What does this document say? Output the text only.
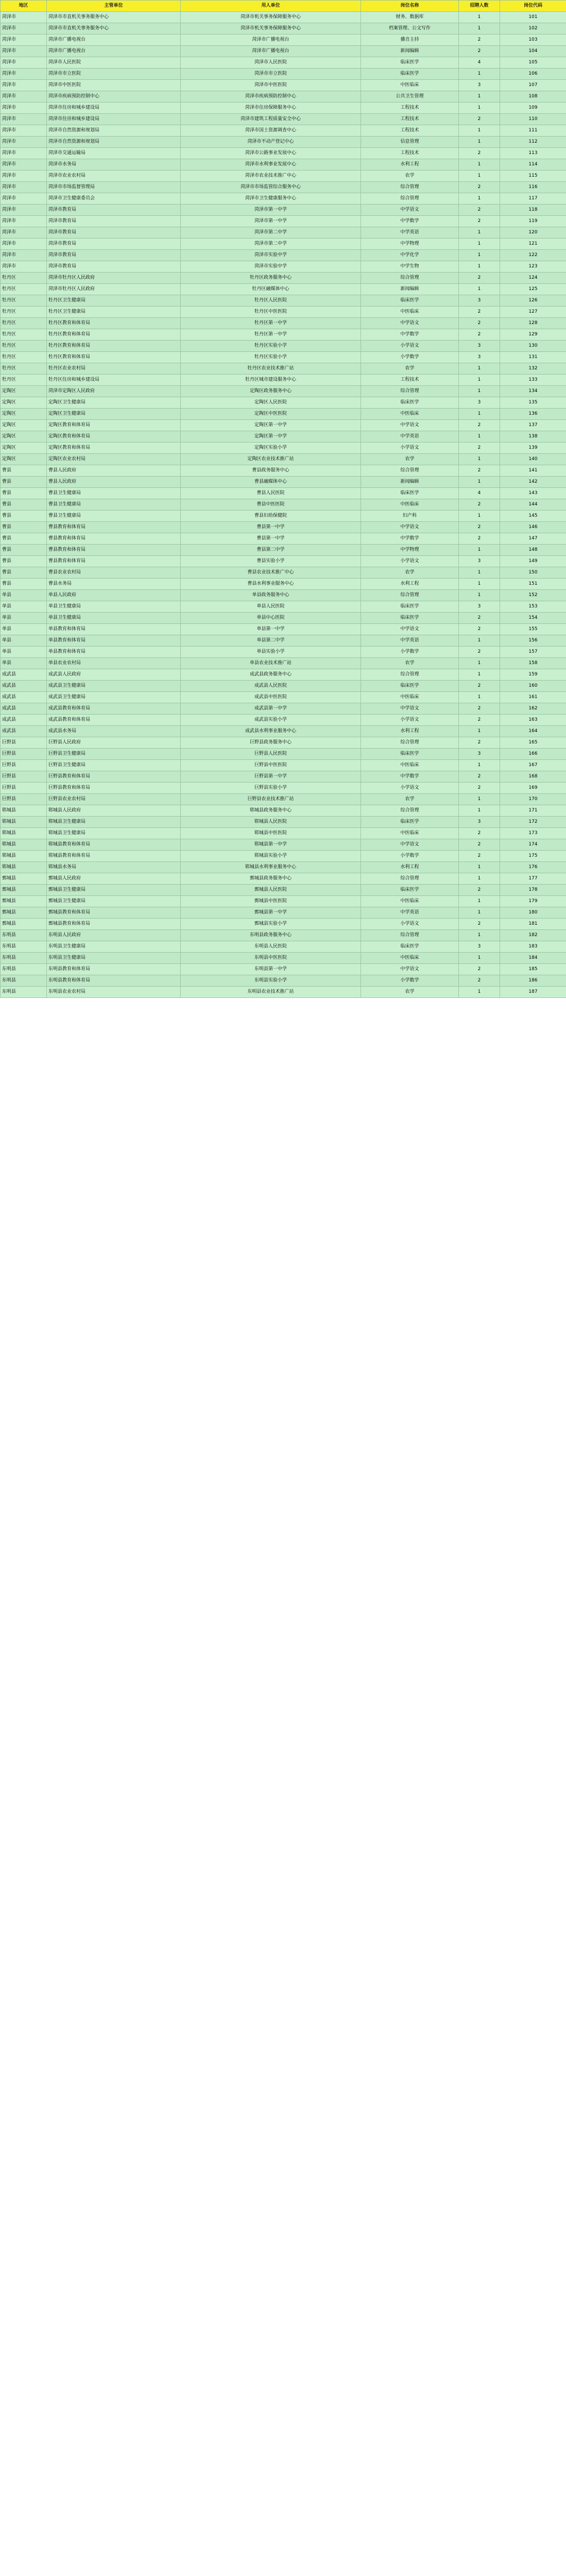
地区	主管单位	用人单位	岗位名称	招聘人数	岗位代码
菏泽市	菏泽市市直机关事务服务中心	菏泽市机关事务保障服务中心	财务、数据库	1	101
菏泽市	菏泽市市直机关事务服务中心	菏泽市机关事务保障服务中心	档案管理、公文写作	1	102
菏泽市	菏泽市广播电视台	菏泽市广播电视台	播音主持	2	103
菏泽市	菏泽市广播电视台	菏泽市广播电视台	新闻编辑	2	104
菏泽市	菏泽市人民医院	菏泽市人民医院	临床医学	4	105
菏泽市	菏泽市市立医院	菏泽市市立医院	临床医学	1	106
菏泽市	菏泽市中医医院	菏泽市中医医院	中医临床	3	107
菏泽市	菏泽市疾病预防控制中心	菏泽市疾病预防控制中心	公共卫生管理	1	108
菏泽市	菏泽市住房和城乡建设局	菏泽市住房保障服务中心	工程技术	1	109
菏泽市	菏泽市住房和城乡建设局	菏泽市建筑工程质量安全中心	工程技术	2	110
菏泽市	菏泽市自然资源和规划局	菏泽市国土资源调查中心	工程技术	1	111
菏泽市	菏泽市自然资源和规划局	菏泽市不动产登记中心	信息管理	1	112
菏泽市	菏泽市交通运输局	菏泽市公路事业发展中心	工程技术	2	113
菏泽市	菏泽市水务局	菏泽市水利事业发展中心	水利工程	1	114
菏泽市	菏泽市农业农村局	菏泽市农业技术推广中心	农学	1	115
菏泽市	菏泽市市场监督管理局	菏泽市市场监管综合服务中心	综合管理	2	116
菏泽市	菏泽市卫生健康委员会	菏泽市卫生健康服务中心	综合管理	1	117
菏泽市	菏泽市教育局	菏泽市第一中学	中学语文	2	118
菏泽市	菏泽市教育局	菏泽市第一中学	中学数学	2	119
菏泽市	菏泽市教育局	菏泽市第二中学	中学英语	1	120
菏泽市	菏泽市教育局	菏泽市第二中学	中学物理	1	121
菏泽市	菏泽市教育局	菏泽市实验中学	中学化学	1	122
菏泽市	菏泽市教育局	菏泽市实验中学	中学生物	1	123
牡丹区	菏泽市牡丹区人民政府	牡丹区政务服务中心	综合管理	2	124
牡丹区	菏泽市牡丹区人民政府	牡丹区融媒体中心	新闻编辑	1	125
牡丹区	牡丹区卫生健康局	牡丹区人民医院	临床医学	3	126
牡丹区	牡丹区卫生健康局	牡丹区中医医院	中医临床	2	127
牡丹区	牡丹区教育和体育局	牡丹区第一中学	中学语文	2	128
牡丹区	牡丹区教育和体育局	牡丹区第一中学	中学数学	2	129
牡丹区	牡丹区教育和体育局	牡丹区实验小学	小学语文	3	130
牡丹区	牡丹区教育和体育局	牡丹区实验小学	小学数学	3	131
牡丹区	牡丹区农业农村局	牡丹区农业技术推广站	农学	1	132
牡丹区	牡丹区住房和城乡建设局	牡丹区城市建设服务中心	工程技术	1	133
定陶区	菏泽市定陶区人民政府	定陶区政务服务中心	综合管理	1	134
定陶区	定陶区卫生健康局	定陶区人民医院	临床医学	3	135
定陶区	定陶区卫生健康局	定陶区中医医院	中医临床	1	136
定陶区	定陶区教育和体育局	定陶区第一中学	中学语文	2	137
定陶区	定陶区教育和体育局	定陶区第一中学	中学英语	1	138
定陶区	定陶区教育和体育局	定陶区实验小学	小学语文	2	139
定陶区	定陶区农业农村局	定陶区农业技术推广站	农学	1	140
曹县	曹县人民政府	曹县政务服务中心	综合管理	2	141
曹县	曹县人民政府	曹县融媒体中心	新闻编辑	1	142
曹县	曹县卫生健康局	曹县人民医院	临床医学	4	143
曹县	曹县卫生健康局	曹县中医医院	中医临床	2	144
曹县	曹县卫生健康局	曹县妇幼保健院	妇产科	1	145
曹县	曹县教育和体育局	曹县第一中学	中学语文	2	146
曹县	曹县教育和体育局	曹县第一中学	中学数学	2	147
曹县	曹县教育和体育局	曹县第二中学	中学物理	1	148
曹县	曹县教育和体育局	曹县实验小学	小学语文	3	149
曹县	曹县农业农村局	曹县农业技术推广中心	农学	1	150
曹县	曹县水务局	曹县水利事业服务中心	水利工程	1	151
单县	单县人民政府	单县政务服务中心	综合管理	1	152
单县	单县卫生健康局	单县人民医院	临床医学	3	153
单县	单县卫生健康局	单县中心医院	临床医学	2	154
单县	单县教育和体育局	单县第一中学	中学语文	2	155
单县	单县教育和体育局	单县第二中学	中学英语	1	156
单县	单县教育和体育局	单县实验小学	小学数学	2	157
单县	单县农业农村局	单县农业技术推广站	农学	1	158
成武县	成武县人民政府	成武县政务服务中心	综合管理	1	159
成武县	成武县卫生健康局	成武县人民医院	临床医学	2	160
成武县	成武县卫生健康局	成武县中医医院	中医临床	1	161
成武县	成武县教育和体育局	成武县第一中学	中学语文	2	162
成武县	成武县教育和体育局	成武县实验小学	小学语文	2	163
成武县	成武县水务局	成武县水利事业服务中心	水利工程	1	164
巨野县	巨野县人民政府	巨野县政务服务中心	综合管理	2	165
巨野县	巨野县卫生健康局	巨野县人民医院	临床医学	3	166
巨野县	巨野县卫生健康局	巨野县中医医院	中医临床	1	167
巨野县	巨野县教育和体育局	巨野县第一中学	中学数学	2	168
巨野县	巨野县教育和体育局	巨野县实验小学	小学语文	2	169
巨野县	巨野县农业农村局	巨野县农业技术推广站	农学	1	170
郓城县	郓城县人民政府	郓城县政务服务中心	综合管理	1	171
郓城县	郓城县卫生健康局	郓城县人民医院	临床医学	3	172
郓城县	郓城县卫生健康局	郓城县中医医院	中医临床	2	173
郓城县	郓城县教育和体育局	郓城县第一中学	中学语文	2	174
郓城县	郓城县教育和体育局	郓城县实验小学	小学数学	2	175
郓城县	郓城县水务局	郓城县水利事业服务中心	水利工程	1	176
鄄城县	鄄城县人民政府	鄄城县政务服务中心	综合管理	1	177
鄄城县	鄄城县卫生健康局	鄄城县人民医院	临床医学	2	178
鄄城县	鄄城县卫生健康局	鄄城县中医医院	中医临床	1	179
鄄城县	鄄城县教育和体育局	鄄城县第一中学	中学英语	1	180
鄄城县	鄄城县教育和体育局	鄄城县实验小学	小学语文	2	181
东明县	东明县人民政府	东明县政务服务中心	综合管理	1	182
东明县	东明县卫生健康局	东明县人民医院	临床医学	3	183
东明县	东明县卫生健康局	东明县中医医院	中医临床	1	184
东明县	东明县教育和体育局	东明县第一中学	中学语文	2	185
东明县	东明县教育和体育局	东明县实验小学	小学数学	2	186
东明县	东明县农业农村局	东明县农业技术推广站	农学	1	187
